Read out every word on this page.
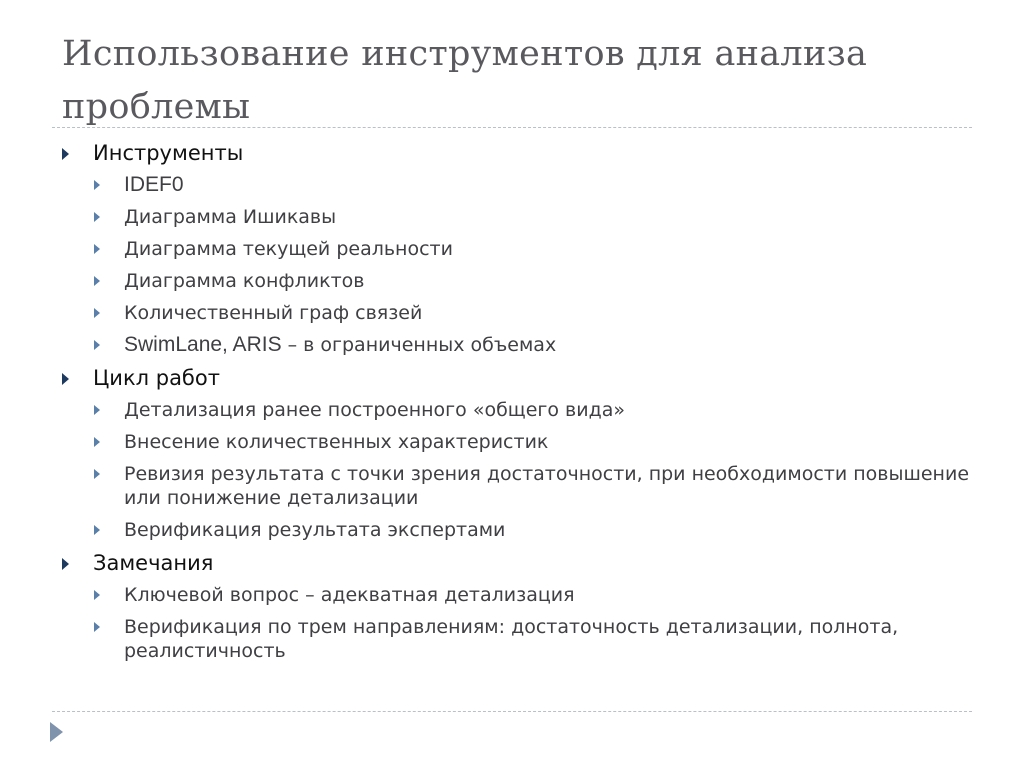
Использование инструментов для анализа проблемы
Инструменты
IDEF0
Диаграмма Ишикавы
Диаграмма текущей реальности
Диаграмма конфликтов
Количественный граф связей
SwimLane, ARIS – в ограниченных объемах
Цикл работ
Детализация ранее построенного «общего вида»
Внесение количественных характеристик
Ревизия результата с точки зрения достаточности, при необходимости повышение или понижение детализации
Верификация результата экспертами
Замечания
Ключевой вопрос – адекватная детализация
Верификация по трем направлениям: достаточность детализации, полнота, реалистичность
